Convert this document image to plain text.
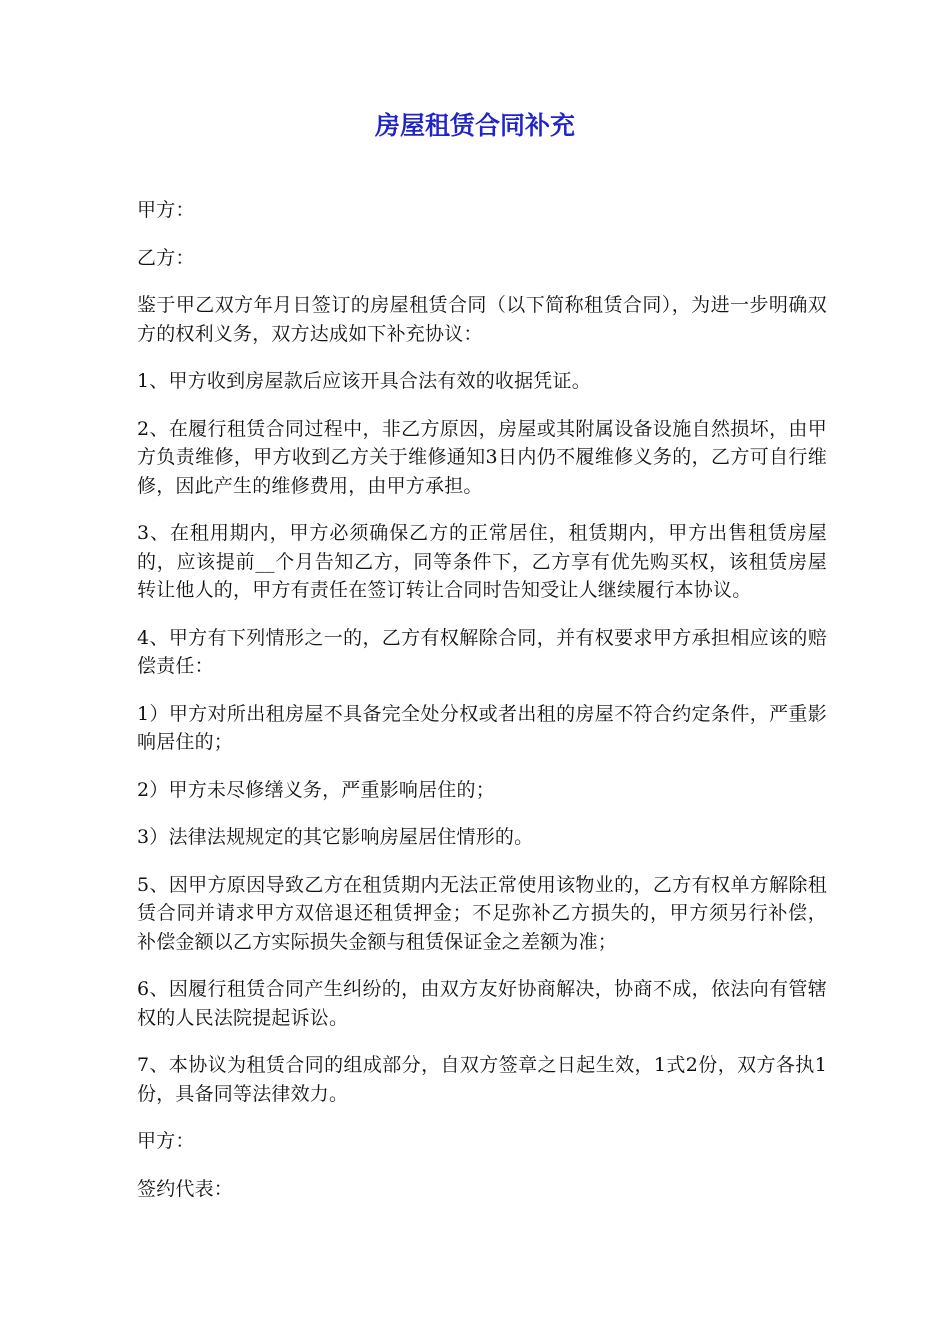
房屋租赁合同补充

甲方：

乙方：

鉴于甲乙双方年月日签订的房屋租赁合同（以下简称租赁合同），为进一步明确双方的权利义务，双方达成如下补充协议：

1、甲方收到房屋款后应该开具合法有效的收据凭证。

2、在履行租赁合同过程中，非乙方原因，房屋或其附属设备设施自然损坏，由甲方负责维修，甲方收到乙方关于维修通知3日内仍不履维修义务的，乙方可自行维修，因此产生的维修费用，由甲方承担。

3、在租用期内，甲方必须确保乙方的正常居住，租赁期内，甲方出售租赁房屋的，应该提前__个月告知乙方，同等条件下，乙方享有优先购买权，该租赁房屋转让他人的，甲方有责任在签订转让合同时告知受让人继续履行本协议。

4、甲方有下列情形之一的，乙方有权解除合同，并有权要求甲方承担相应该的赔偿责任：

1）甲方对所出租房屋不具备完全处分权或者出租的房屋不符合约定条件，严重影响居住的；

2）甲方未尽修缮义务，严重影响居住的；

3）法律法规规定的其它影响房屋居住情形的。

5、因甲方原因导致乙方在租赁期内无法正常使用该物业的，乙方有权单方解除租赁合同并请求甲方双倍退还租赁押金；不足弥补乙方损失的，甲方须另行补偿，补偿金额以乙方实际损失金额与租赁保证金之差额为准；

6、因履行租赁合同产生纠纷的，由双方友好协商解决，协商不成，依法向有管辖权的人民法院提起诉讼。

7、本协议为租赁合同的组成部分，自双方签章之日起生效，1式2份，双方各执1份，具备同等法律效力。

甲方：

签约代表：
